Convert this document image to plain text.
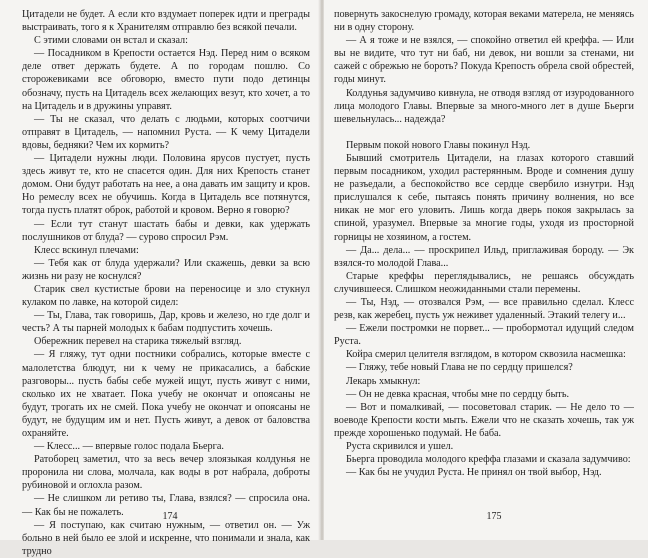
Цитадели не будет. А если кто вздумает поперек идти и преграды выстраивать, того я к Хранителям отправлю без всякой печали.

С этими словами он встал и сказал:

— Посадником в Крепости остается Нэд. Перед ним о всяком деле ответ держать будете. А по городам пошлю. Со сторожевиками все обговорю, вместо пути подо детинцы обозначу, пусть на Цитадель всех желающих везут, кто хочет, а то на Цитадель и в дружины управят.

— Ты не сказал, что делать с людьми, которых соотчичи отправят в Цитадель, — напомнил Руста. — К чему Цитадели вдовы, бедняки? Чем их кормить?

— Цитадели нужны люди. Половина ярусов пустует, пусть здесь живут те, кто не спасется один. Для них Крепость станет домом. Они будут работать на нее, а она давать им защиту и кров. Но ремеслу всех не обучишь. Когда в Цитадель все потянутся, тогда пусть платят оброк, работой и кровом. Верно я говорю?

— Если тут станут шастать бабы и девки, как удержать послушников от блуда? — сурово спросил Рэм.

Клесс вскинул плечами:

— Тебя как от блуда удержали? Или скажешь, девки за всю жизнь ни разу не коснулся?

Старик свел кустистые брови на переносице и зло стукнул кулаком по лавке, на которой сидел:

— Ты, Глава, так говоришь, Дар, кровь и железо, но где долг и честь? А ты парней молодых к бабам подпустить хочешь.

Обережник перевел на старика тяжелый взгляд.

— Я гляжу, тут одни постники собрались, которые вместе с малолетства блюдут, ни к чему не прикасались, а бабские разговоры... пусть бабы себе мужей ищут, пусть живут с ними, сколько их не хватает. Пока учебу не окончат и опоясаны не будут, трогать их не смей. Пока учебу не окончат и опоясаны не будут, не будущим им и нет. Пусть живут, а девок от баловства охраняйте.

— Клесс... — впервые голос подала Бьерга.

Ратоборец заметил, что за весь вечер злоязыкая колдунья не проронила ни слова, молчала, как воды в рот набрала, доброты рубиновой и оглохла разом.

— Не слишком ли ретиво ты, Глава, взялся? — спросила она. — Как бы не пожалеть.

— Я поступаю, как считаю нужным, — ответил он. — Уж больно в ней было ее злой и искренне, что понимали и знала, как трудно

174

повернуть закоснелую громаду, которая веками матерела, не меняясь ни в одну сторону.

— А я тоже и не взялся, — спокойно ответил ей креффа. — Или вы не видите, что тут ни баб, ни девок, ни вошли за стенами, ни сажей с обрежью не бороть? Покуда Крепость обрела свой обрестей, годы минут.

Колдунья задумчиво кивнула, не отводя взгляд от изуродованного лица молодого Главы. Впервые за много-много лет в душе Бьерги шевельнулась... надежда?

Первым покой нового Главы покинул Нэд.

Бывший смотритель Цитадели, на глазах которого ставший первым посадником, уходил растерянным. Вроде и сомнения душу не разъедали, а беспокойство все сердце свербило изнутри. Нэд прислушался к себе, пытаясь понять причину волнения, но все никак не мог его уловить. Лишь когда дверь покоя закрылась за спиной, уразумел. Впервые за многие годы, уходя из просторной горницы не хозяином, а гостем.

— Да... дела... — проскрипел Ильд, приглаживая бороду. — Эк взялся-то молодой Глава...

Старые креффы переглядывались, не решаясь обсуждать случившееся. Слишком неожиданными стали перемены.

— Ты, Нэд, — отозвался Рэм, — все правильно сделал. Клесс резв, как жеребец, пусть уж неживет удаленный. Этакий телегу и...

— Ежели постромки не порвет... — пробормотал идущий следом Руста.

Койра смерил целителя взглядом, в котором сквозила насмешка:

— Гляжу, тебе новый Глава не по сердцу пришелся?

Лекарь хмыкнул:

— Он не девка красная, чтобы мне по сердцу быть.

— Вот и помалкивай, — посоветовал старик. — Не дело то — воеводе Крепости кости мыть. Ежели что не сказать хочешь, так уж прежде хорошенько подумай. Не баба.

Руста скривился и ушел.

Бьерга проводила молодого креффа глазами и сказала задумчиво:

— Как бы не учудил Руста. Не принял он твой выбор, Нэд.

175
